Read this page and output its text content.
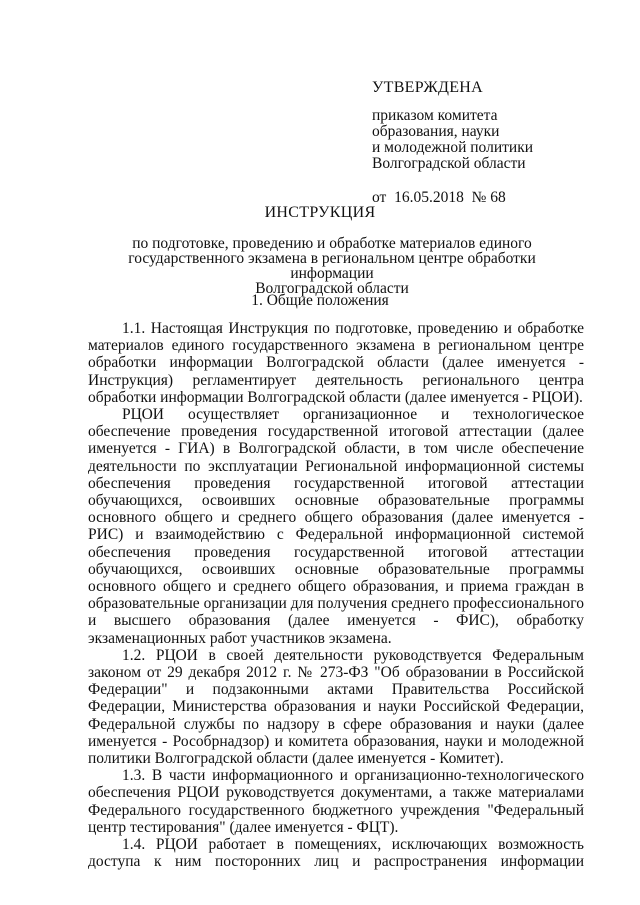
УТВЕРЖДЕНА
приказом комитета
образования, науки
и молодежной политики
Волгоградской области
от  16.05.2018  № 68
ИНСТРУКЦИЯ
по подготовке, проведению и обработке материалов единого
государственного экзамена в региональном центре обработки информации
Волгоградской области
1. Общие положения

1.1. Настоящая Инструкция по подготовке, проведению и обработке материалов единого государственного экзамена в региональном центре обработки информации Волгоградской области (далее именуется - Инструкция) регламентирует деятельность регионального центра обработки информации Волгоградской области (далее именуется - РЦОИ).

РЦОИ осуществляет организационное и технологическое обеспечение проведения государственной итоговой аттестации (далее именуется - ГИА) в Волгоградской области, в том числе обеспечение деятельности по эксплуатации Региональной информационной системы обеспечения проведения государственной итоговой аттестации обучающихся, освоивших основные образовательные программы основного общего и среднего общего образования (далее именуется - РИС) и взаимодействию с Федеральной информационной системой обеспечения проведения государственной итоговой аттестации обучающихся, освоивших основные образовательные программы основного общего и среднего общего образования, и приема граждан в образовательные организации для получения среднего профессионального и высшего образования (далее именуется - ФИС), обработку экзаменационных работ участников экзамена.

1.2. РЦОИ в своей деятельности руководствуется Федеральным законом от 29 декабря 2012 г. № 273-ФЗ "Об образовании в Российской Федерации" и подзаконными актами Правительства Российской Федерации, Министерства образования и науки Российской Федерации, Федеральной службы по надзору в сфере образования и науки (далее именуется - Рособрнадзор) и комитета образования, науки и молодежной политики Волгоградской области (далее именуется - Комитет).

1.3. В части информационного и организационно-технологического обеспечения РЦОИ руководствуется документами, а также материалами Федерального государственного бюджетного учреждения "Федеральный центр тестирования" (далее именуется - ФЦТ).

1.4. РЦОИ работает в помещениях, исключающих возможность доступа к ним посторонних лиц и распространения информации
